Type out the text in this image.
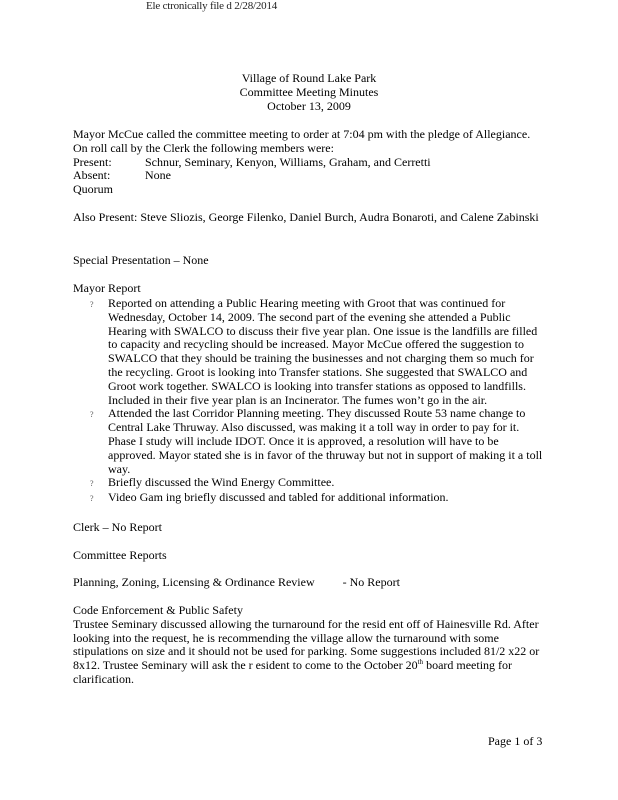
Ele ctronically file d 2/28/2014
Village of Round Lake Park
Committee Meeting Minutes
October 13, 2009
Mayor McCue called the committee meeting to order at 7:04 pm with the pledge of Allegiance.
On roll call by the Clerk the following members were:
Present:	Schnur, Seminary, Kenyon, Williams, Graham, and Cerretti
Absent:	None
Quorum
Also Present: Steve Sliozis, George Filenko, Daniel Burch, Audra Bonaroti, and Calene Zabinski
Special Presentation – None
Mayor Report
?	Reported on attending a Public Hearing meeting with Groot that was continued for Wednesday, October 14, 2009. The second part of the evening she attended a Public Hearing with SWALCO to discuss their five year plan. One issue is the landfills are filled to capacity and recycling should be increased. Mayor McCue offered the suggestion to SWALCO that they should be training the businesses and not charging them so much for the recycling. Groot is looking into Transfer stations. She suggested that SWALCO and Groot work together. SWALCO is looking into transfer stations as opposed to landfills. Included in their five year plan is an Incinerator. The fumes won’t go in the air.
?	Attended the last Corridor Planning meeting. They discussed Route 53 name change to Central Lake Thruway. Also discussed, was making it a toll way in order to pay for it. Phase I study will include IDOT. Once it is approved, a resolution will have to be approved. Mayor stated she is in favor of the thruway but not in support of making it a toll way.
?	Briefly discussed the Wind Energy Committee.
?	Video Gam ing briefly discussed and tabled for additional information.
Clerk – No Report
Committee Reports
Planning, Zoning, Licensing & Ordinance Review - No Report
Code Enforcement & Public Safety
Trustee Seminary discussed allowing the turnaround for the resid ent off of Hainesville Rd. After looking into the request, he is recommending the village allow the turnaround with some stipulations on size and it should not be used for parking. Some suggestions included 81/2 x22 or 8x12. Trustee Seminary will ask the r esident to come to the October 20th board meeting for clarification.
Page 1 of 3
